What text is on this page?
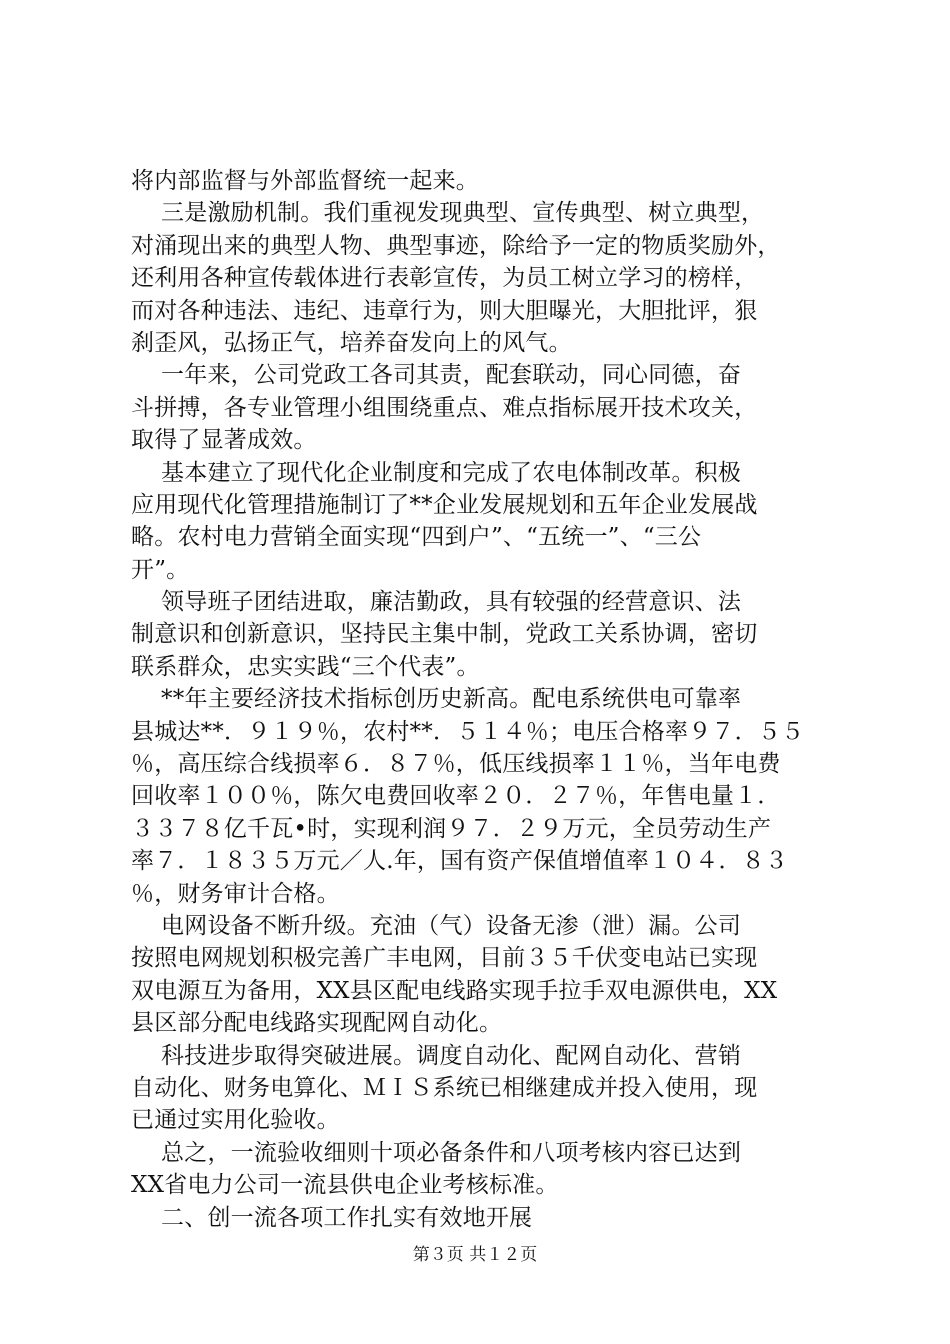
将内部监督与外部监督统一起来。
三是激励机制。我们重视发现典型、宣传典型、树立典型，
对涌现出来的典型人物、典型事迹，除给予一定的物质奖励外，
还利用各种宣传载体进行表彰宣传，为员工树立学习的榜样，
而对各种违法、违纪、违章行为，则大胆曝光，大胆批评，狠
刹歪风，弘扬正气，培养奋发向上的风气。
一年来，公司党政工各司其责，配套联动，同心同德，奋
斗拼搏，各专业管理小组围绕重点、难点指标展开技术攻关，
取得了显著成效。
基本建立了现代化企业制度和完成了农电体制改革。积极
应用现代化管理措施制订了**企业发展规划和五年企业发展战
略。农村电力营销全面实现“四到户”、“五统一”、“三公
开”。
领导班子团结进取，廉洁勤政，具有较强的经营意识、法
制意识和创新意识，坚持民主集中制，党政工关系协调，密切
联系群众，忠实实践“三个代表”。
**年主要经济技术指标创历史新高。配电系统供电可靠率
县城达**．９１９％，农村**．５１４％；电压合格率９７．５５
％，高压综合线损率６．８７％，低压线损率１１％，当年电费
回收率１００％，陈欠电费回收率２０．２７％，年售电量１．
３３７８亿千瓦•时，实现利润９７．２９万元，全员劳动生产
率７．１８３５万元／人.年，国有资产保值增值率１０４．８３
％，财务审计合格。
电网设备不断升级。充油（气）设备无渗（泄）漏。公司
按照电网规划积极完善广丰电网，目前３５千伏变电站已实现
双电源互为备用，XX县区配电线路实现手拉手双电源供电，XX
县区部分配电线路实现配网自动化。
科技进步取得突破进展。调度自动化、配网自动化、营销
自动化、财务电算化、ＭＩＳ系统已相继建成并投入使用，现
已通过实用化验收。
总之，一流验收细则十项必备条件和八项考核内容已达到
XX省电力公司一流县供电企业考核标准。
二、创一流各项工作扎实有效地开展
第３页 共１２页
